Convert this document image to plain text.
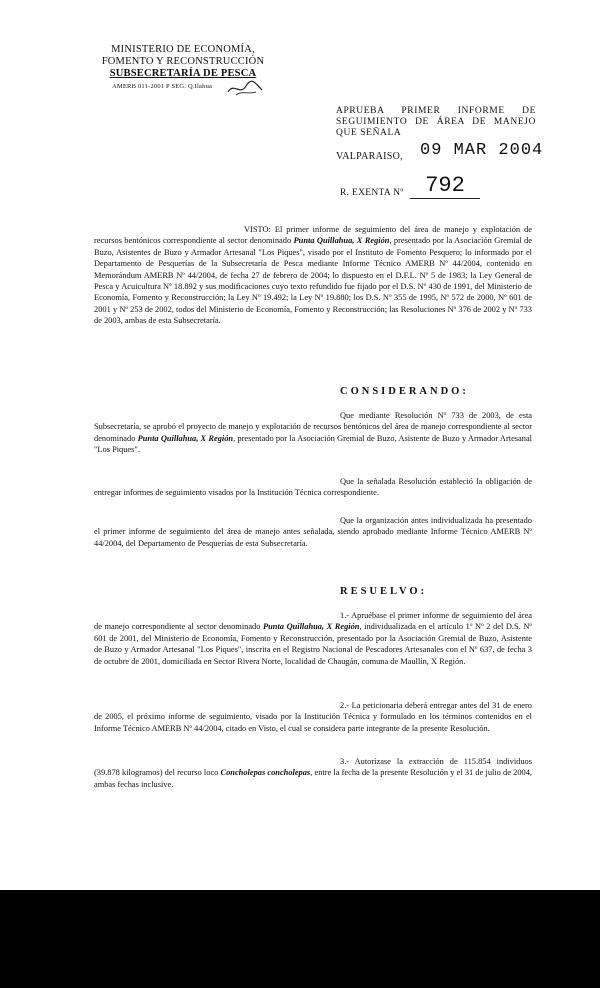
MINISTERIO DE ECONOMÍA,
FOMENTO Y RECONSTRUCCIÓN
SUBSECRETARÍA DE PESCA
AMERB 011-2001 P SEG. Q.Ilahua
APRUEBA PRIMER INFORME DE SEGUIMIENTO DE ÁREA DE MANEJO QUE SEÑALA
VALPARAISO, 09 MAR 2004
R. EXENTA Nº 792
VISTO: El primer informe de seguimiento del área de manejo y explotación de recursos bentónicos correspondiente al sector denominado Punta Quillahua, X Región, presentado por la Asociación Gremial de Buzo, Asistentes de Buzo y Armador Artesanal "Los Piques", visado por el Instituto de Fomento Pesquero; lo informado por el Departamento de Pesquerías de la Subsecretaría de Pesca mediante Informe Técnico AMERB Nº 44/2004, contenido en Memorándum AMERB Nº 44/2004, de fecha 27 de febrero de 2004; lo dispuesto en el D.F.L. Nº 5 de 1983; la Ley General de Pesca y Acuicultura Nº 18.892 y sus modificaciones cuyo texto refundido fue fijado por el D.S. Nº 430 de 1991, del Ministerio de Economía, Fomento y Reconstrucción; la Ley Nº 19.492; la Ley Nº 19.880; los D.S. Nº 355 de 1995, Nº 572 de 2000, Nº 601 de 2001 y Nº 253 de 2002, todos del Ministerio de Economía, Fomento y Reconstrucción; las Resoluciones Nº 376 de 2002 y Nº 733 de 2003, ambas de esta Subsecretaría.
CONSIDERANDO:
Que mediante Resolución Nº 733 de 2003, de esta Subsecretaría, se aprobó el proyecto de manejo y explotación de recursos bentónicos del área de manejo correspondiente al sector denominado Punta Quillahua, X Región, presentado por la Asociación Gremial de Buzo, Asistente de Buzo y Armador Artesanal "Los Piques".
Que la señalada Resolución estableció la obligación de entregar informes de seguimiento visados por la Institución Técnica correspondiente.
Que la organización antes individualizada ha presentado el primer informe de seguimiento del área de manejo antes señalada, siendo aprobado mediante Informe Técnico AMERB Nº 44/2004, del Departamento de Pesquerías de esta Subsecretaría.
RESUELVO:
1.- Apruébase el primer informe de seguimiento del área de manejo correspondiente al sector denominado Punta Quillahua, X Región, individualizada en el artículo 1º Nº 2 del D.S. Nº 601 de 2001, del Ministerio de Economía, Fomento y Reconstrucción, presentado por la Asociación Gremial de Buzo, Asistente de Buzo y Armador Artesanal "Los Piques", inscrita en el Registro Nacional de Pescadores Artesanales con el Nº 637, de fecha 3 de octubre de 2001, domiciliada en Sector Rivera Norte, localidad de Chaugán, comuna de Maullín, X Región.
2.- La peticionaria deberá entregar antes del 31 de enero de 2005, el próximo informe de seguimiento, visado por la Institución Técnica y formulado en los términos contenidos en el Informe Técnico AMERB Nº 44/2004, citado en Visto, el cual se considera parte integrante de la presente Resolución.
3.- Autorízase la extracción de 115.854 individuos (39.878 kilogramos) del recurso loco Concholepas concholepas, entre la fecha de la presente Resolución y el 31 de julio de 2004, ambas fechas inclusive.
